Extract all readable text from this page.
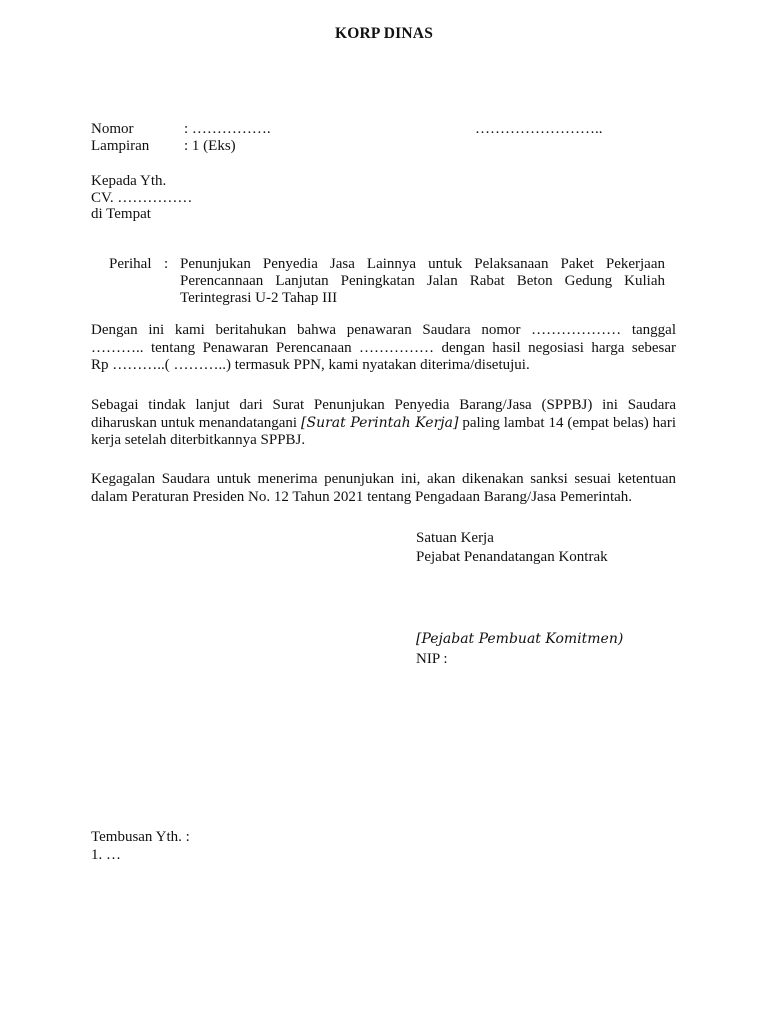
KORP DINAS
Nomor	: …………….	……………………..
Lampiran : 1 (Eks)
Kepada Yth.
CV. ……………
di Tempat
Perihal : Penunjukan Penyedia Jasa Lainnya untuk Pelaksanaan Paket Pekerjaan
Perencannaan Lanjutan Peningkatan Jalan Rabat Beton Gedung Kuliah
Terintegrasi U-2 Tahap III
Dengan ini kami beritahukan bahwa penawaran Saudara nomor ……………… tanggal
……….. tentang Penawaran Perencanaan …………… dengan hasil negosiasi harga sebesar
Rp ………..( ………..) termasuk PPN, kami nyatakan diterima/disetujui.
Sebagai tindak lanjut dari Surat Penunjukan Penyedia Barang/Jasa (SPPBJ) ini Saudara
diharuskan untuk menandatangani [Surat Perintah Kerja] paling lambat 14 (empat belas) hari
kerja setelah diterbitkannya SPPBJ.
Kegagalan Saudara untuk menerima penunjukan ini, akan dikenakan sanksi sesuai ketentuan
dalam Peraturan Presiden No. 12 Tahun 2021 tentang Pengadaan Barang/Jasa Pemerintah.
Satuan Kerja
Pejabat Penandatangan Kontrak
[Pejabat Pembuat Komitmen)
NIP :
Tembusan Yth. :
1. …
